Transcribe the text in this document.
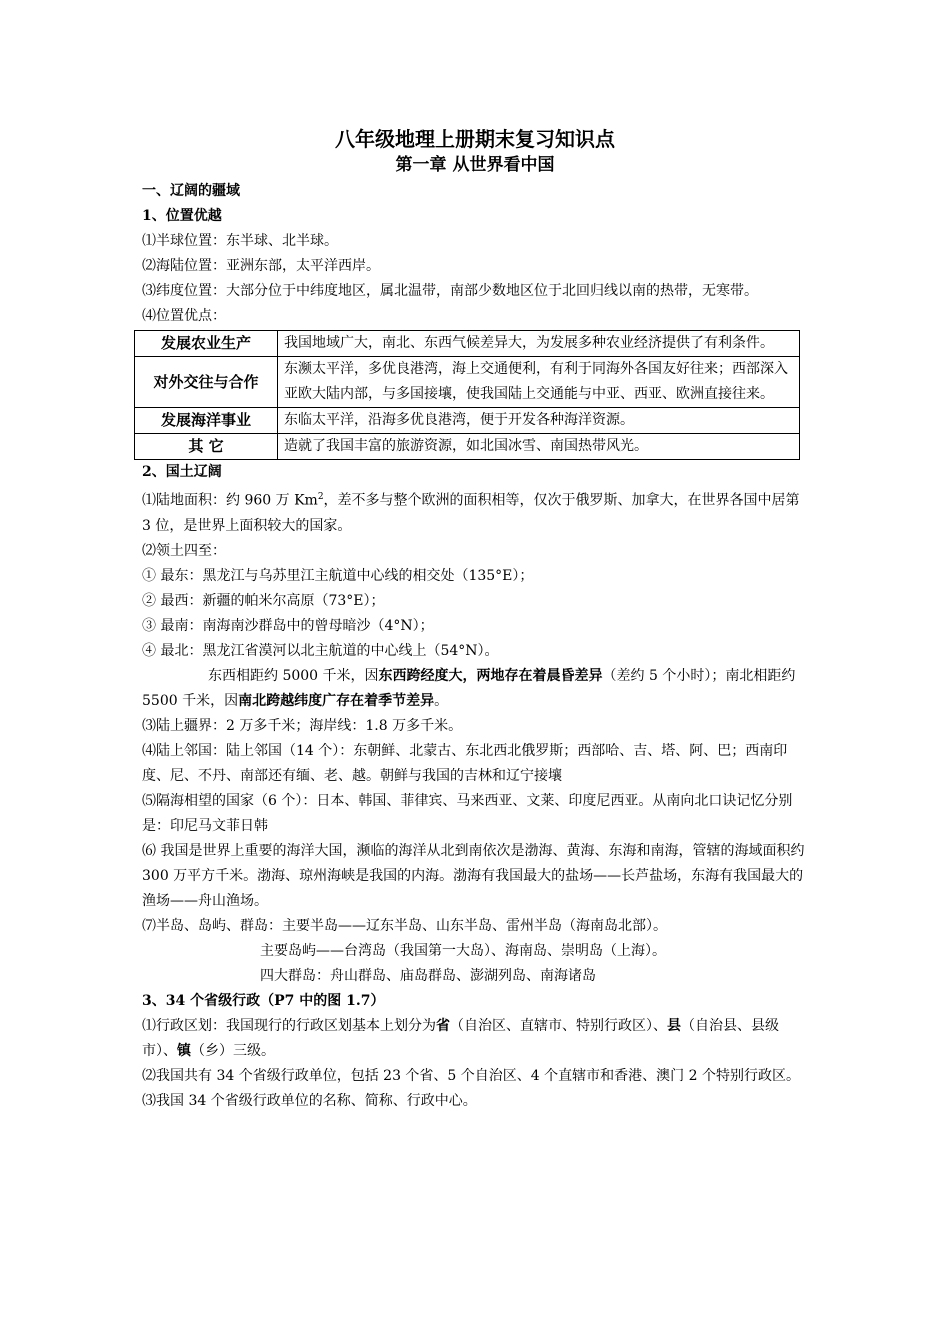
八年级地理上册期末复习知识点

第一章 从世界看中国

一、辽阔的疆域

1、位置优越

⑴半球位置：东半球、北半球。

⑵海陆位置：亚洲东部，太平洋西岸。

⑶纬度位置：大部分位于中纬度地区，属北温带，南部少数地区位于北回归线以南的热带，无寒带。

⑷位置优点：

发展农业生产	我国地域广大，南北、东西气候差异大，为发展多种农业经济提供了有利条件。
对外交往与合作	东濒太平洋，多优良港湾，海上交通便利，有利于同海外各国友好往来；西部深入亚欧大陆内部，与多国接壤，使我国陆上交通能与中亚、西亚、欧洲直接往来。
发展海洋事业	东临太平洋，沿海多优良港湾，便于开发各种海洋资源。
其 它	造就了我国丰富的旅游资源，如北国冰雪、南国热带风光。

2、国土辽阔

⑴陆地面积：约 960 万 Km$^2$，差不多与整个欧洲的面积相等，仅次于俄罗斯、加拿大，在世界各国中居第 3 位，是世界上面积较大的国家。

⑵领土四至：

① 最东：黑龙江与乌苏里江主航道中心线的相交处（135°E）；

② 最西：新疆的帕米尔高原（73°E）；

③ 最南：南海南沙群岛中的曾母暗沙（4°N）；

④ 最北：黑龙江省漠河以北主航道的中心线上（54°N）。

东西相距约 5000 千米，因东西跨经度大，两地存在着晨昏差异（差约 5 个小时）；南北相距约 5500 千米，因南北跨越纬度广存在着季节差异。

⑶陆上疆界：2 万多千米；海岸线：1.8 万多千米。

⑷陆上邻国：陆上邻国（14 个）：东朝鲜、北蒙古、东北西北俄罗斯；西部哈、吉、塔、阿、巴；西南印度、尼、不丹、南部还有缅、老、越。朝鲜与我国的吉林和辽宁接壤

⑸隔海相望的国家（6 个）：日本、韩国、菲律宾、马来西亚、文莱、印度尼西亚。从南向北口诀记忆分别是：印尼马文菲日韩

⑹ 我国是世界上重要的海洋大国，濒临的海洋从北到南依次是渤海、黄海、东海和南海，管辖的海域面积约 300 万平方千米。渤海、琼州海峡是我国的内海。渤海有我国最大的盐场——长芦盐场，东海有我国最大的渔场——舟山渔场。

⑺半岛、岛屿、群岛：主要半岛——辽东半岛、山东半岛、雷州半岛（海南岛北部）。

主要岛屿——台湾岛（我国第一大岛）、海南岛、崇明岛（上海）。

四大群岛：舟山群岛、庙岛群岛、澎湖列岛、南海诸岛

3、34 个省级行政（P7 中的图 1.7）

⑴行政区划：我国现行的行政区划基本上划分为省（自治区、直辖市、特别行政区）、县（自治县、县级市）、镇（乡）三级。

⑵我国共有 34 个省级行政单位，包括 23 个省、5 个自治区、4 个直辖市和香港、澳门 2 个特别行政区。

⑶我国 34 个省级行政单位的名称、简称、行政中心。
